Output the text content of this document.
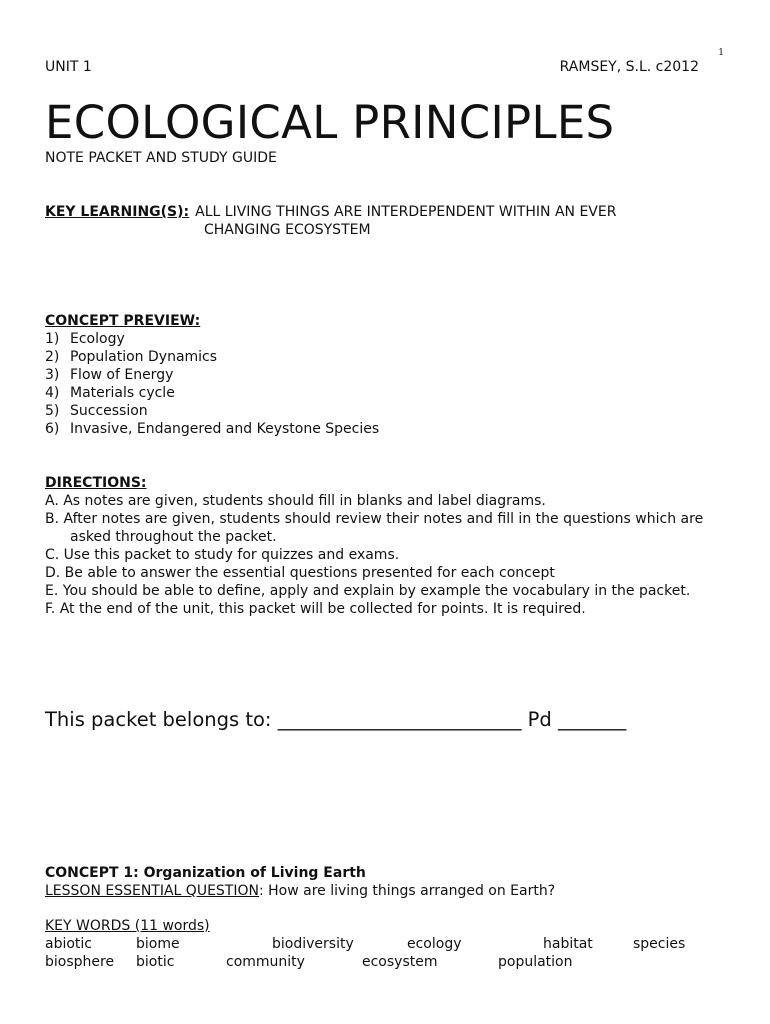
1
UNIT 1	RAMSEY, S.L. c2012
ECOLOGICAL PRINCIPLES
NOTE PACKET AND STUDY GUIDE
KEY LEARNING(S): ALL LIVING THINGS ARE INTERDEPENDENT WITHIN AN EVER
CHANGING ECOSYSTEM
CONCEPT PREVIEW:
1) Ecology
2) Population Dynamics
3) Flow of Energy
4) Materials cycle
5) Succession
6) Invasive, Endangered and Keystone Species
DIRECTIONS:
A. As notes are given, students should fill in blanks and label diagrams.
B. After notes are given, students should review their notes and fill in the questions which are
asked throughout the packet.
C. Use this packet to study for quizzes and exams.
D. Be able to answer the essential questions presented for each concept
E. You should be able to define, apply and explain by example the vocabulary in the packet.
F. At the end of the unit, this packet will be collected for points. It is required.
This packet belongs to: _________________________ Pd _______
CONCEPT 1: Organization of Living Earth
LESSON ESSENTIAL QUESTION: How are living things arranged on Earth?
KEY WORDS (11 words)
abiotic	biome	biodiversity	ecology	habitat	species
biosphere biotic	community	ecosystem	population
